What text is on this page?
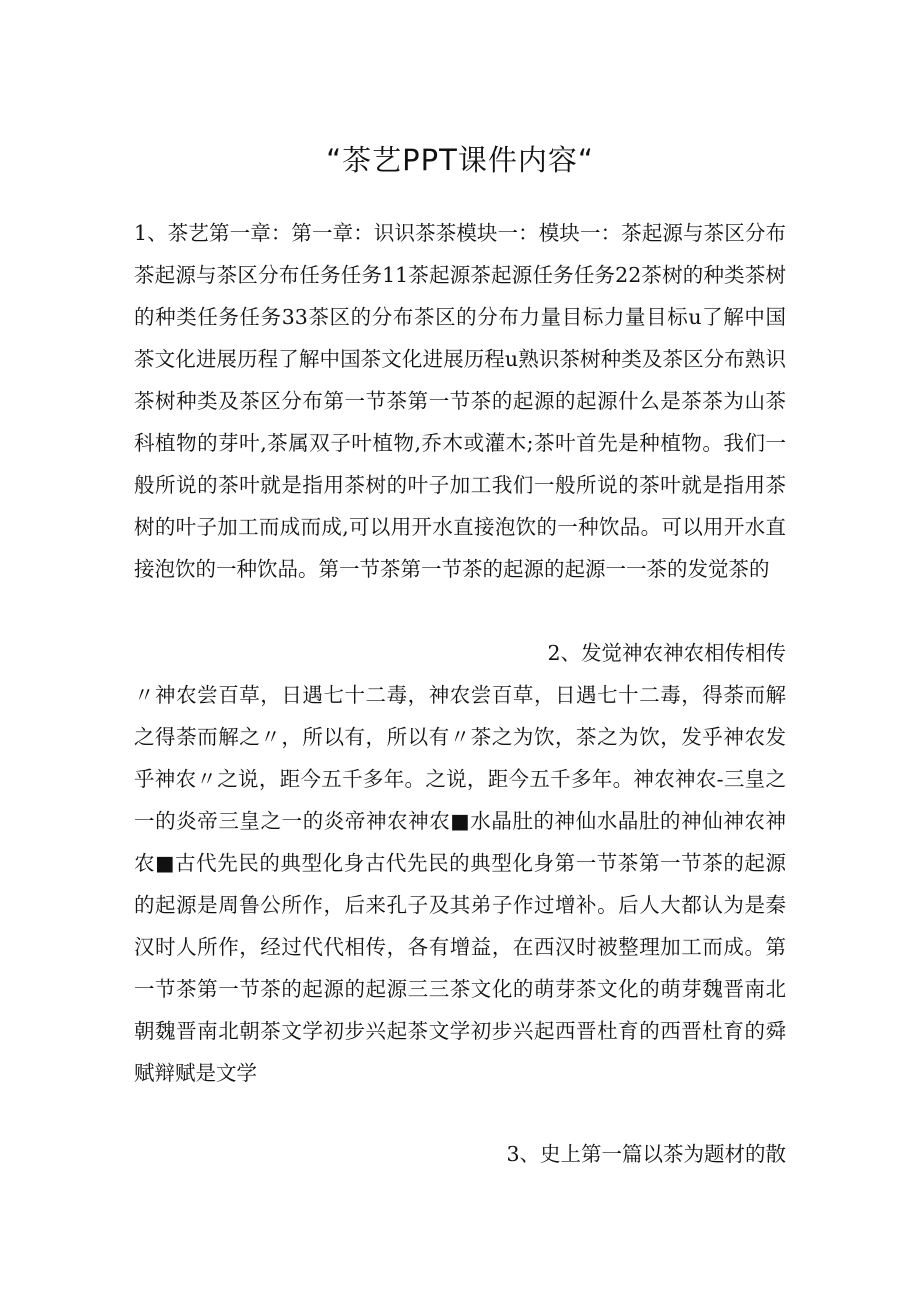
“茶艺PPT课件内容“

1、茶艺第一章：第一章：识识茶茶模块一：模块一：茶起源与茶区分布茶起源与茶区分布任务任务11茶起源茶起源任务任务22茶树的种类茶树的种类任务任务33茶区的分布茶区的分布力量目标力量目标u了解中国茶文化进展历程了解中国茶文化进展历程u熟识茶树种类及茶区分布熟识茶树种类及茶区分布第一节茶第一节茶的起源的起源什么是茶茶为山茶科植物的芽叶,茶属双子叶植物,乔木或灌木;茶叶首先是种植物。我们一般所说的茶叶就是指用茶树的叶子加工我们一般所说的茶叶就是指用茶树的叶子加工而成而成,可以用开水直接泡饮的一种饮品。可以用开水直接泡饮的一种饮品。第一节茶第一节茶的起源的起源一一茶的发觉茶的

2、发觉神农神农相传相传

〃神农尝百草，日遇七十二毒，神农尝百草，日遇七十二毒，得荼而解之得荼而解之〃，所以有，所以有〃茶之为饮，茶之为饮，发乎神农发乎神农〃之说，距今五千多年。之说，距今五千多年。神农神农-三皇之一的炎帝三皇之一的炎帝神农神农■水晶肚的神仙水晶肚的神仙神农神农■古代先民的典型化身古代先民的典型化身第一节茶第一节茶的起源的起源是周鲁公所作，后来孔子及其弟子作过增补。后人大都认为是秦汉时人所作，经过代代相传，各有增益，在西汉时被整理加工而成。第一节茶第一节茶的起源的起源三三茶文化的萌芽茶文化的萌芽魏晋南北朝魏晋南北朝茶文学初步兴起茶文学初步兴起西晋杜育的西晋杜育的舜赋辩赋是文学

3、史上第一篇以茶为题材的散
